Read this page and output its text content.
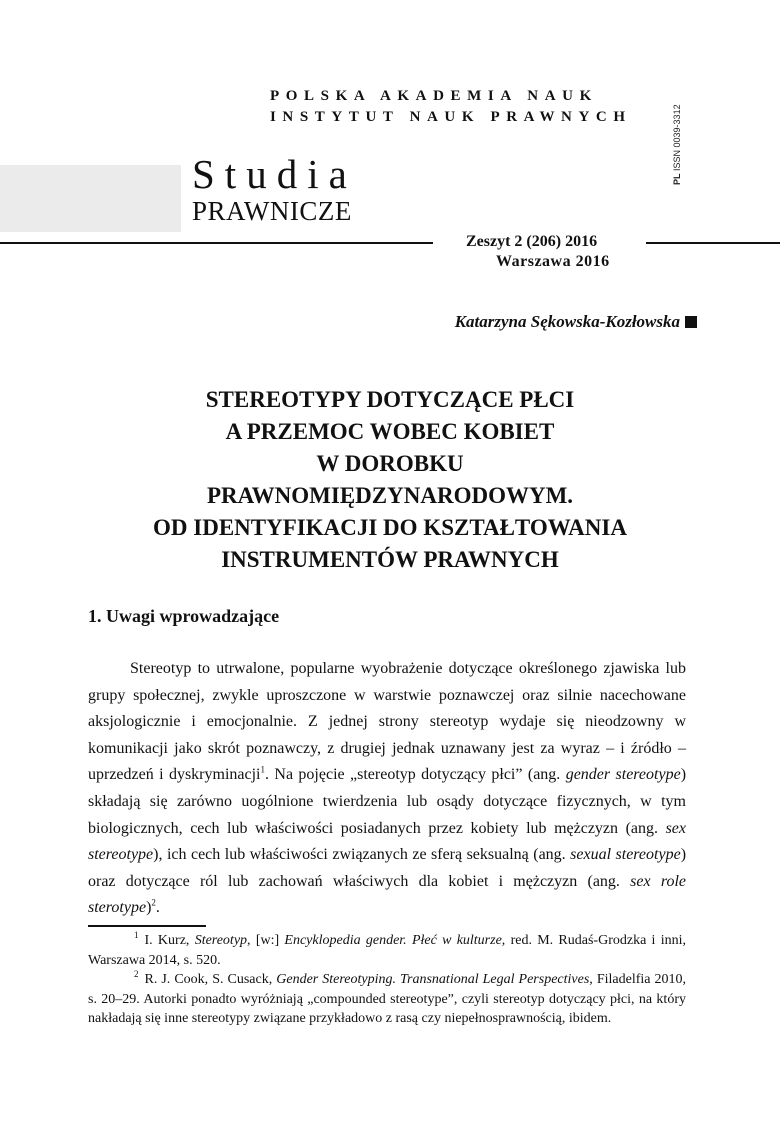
POLSKA AKADEMIA NAUK
INSTYTUT NAUK PRAWNYCH
PL ISSN 0039-3312
Studia
PRAWNICZE
Zeszyt 2 (206) 2016
Warszawa 2016
Katarzyna Sękowska-Kozłowska
STEREOTYPY DOTYCZĄCE PŁCI
A PRZEMOC WOBEC KOBIET
W DOROBKU
PRAWNOMIĘDZYNARODOWYM.
OD IDENTYFIKACJI DO KSZTAŁTOWANIA
INSTRUMENTÓW PRAWNYCH
1. Uwagi wprowadzające

Stereotyp to utrwalone, popularne wyobrażenie dotyczące określonego zjawiska lub grupy społecznej, zwykle uproszczone w warstwie poznawczej oraz silnie nacechowane aksjologicznie i emocjonalnie. Z jednej strony stereotyp wydaje się nieodzowny w komunikacji jako skrót poznawczy, z drugiej jednak uznawany jest za wyraz – i źródło – uprzedzeń i dyskryminacji$^1$. Na pojęcie „stereotyp dotyczący płci” (ang. gender stereotype) składają się zarówno uogólnione twierdzenia lub osądy dotyczące fizycznych, w tym biologicznych, cech lub właściwości posiadanych przez kobiety lub mężczyzn (ang. sex stereotype), ich cech lub właściwości związanych ze sferą seksualną (ang. sexual stereotype) oraz dotyczące ról lub zachowań właściwych dla kobiet i mężczyzn (ang. sex role sterotype)$^2$.

$^1$ I. Kurz, Stereotyp, [w:] Encyklopedia gender. Płeć w kulturze, red. M. Rudaś-Grodzka i inni, Warszawa 2014, s. 520.

$^2$ R. J. Cook, S. Cusack, Gender Stereotyping. Transnational Legal Perspectives, Filadelfia 2010, s. 20–29. Autorki ponadto wyróżniają „compounded stereotype”, czyli stereotyp dotyczący płci, na który nakładają się inne stereotypy związane przykładowo z rasą czy niepełnosprawnością, ibidem.
